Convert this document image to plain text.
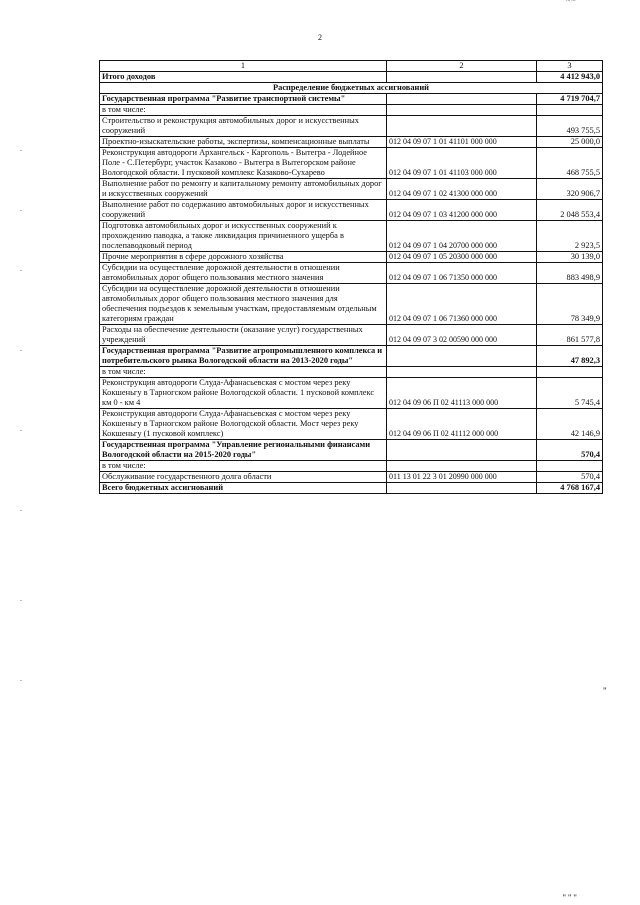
~~
2
1	2	3
Итого доходов		4 412 943,0
Распределение бюджетных ассигнований		
Государственная программа "Развитие транспортной системы"		4 719 704,7
в том числе:		
Строительство и реконструкция автомобильных дорог и искусственных сооружений		493 755,5
Проектно-изыскательские работы, экспертизы, компенсационные выплаты	012 04 09 07 1 01 41101 000 000	25 000,0
Реконструкция автодороги Архангельск - Каргополь - Вытегра - Лодейное Поле - С.Петербург, участок Казаково - Вытегра в Вытегорском районе Вологодской области. I пусковой комплекс Казаково-Сухарево	012 04 09 07 1 01 41103 000 000	468 755,5
Выполнение работ по ремонту и капитальному ремонту автомобильных дорог и искусственных сооружений	012 04 09 07 1 02 41300 000 000	320 906,7
Выполнение работ по содержанию автомобильных дорог и искусственных сооружений	012 04 09 07 1 03 41200 000 000	2 048 553,4
Подготовка автомобильных дорог и искусственных сооружений к прохождению паводка, а также ликвидация причиненного ущерба в послепаводковый период	012 04 09 07 1 04 20700 000 000	2 923,5
Прочие мероприятия в сфере дорожного хозяйства	012 04 09 07 1 05 20300 000 000	30 139,0
Субсидии на осуществление дорожной деятельности в отношении автомобильных дорог общего пользования местного значения	012 04 09 07 1 06 71350 000 000	883 498,9
Субсидии на осуществление дорожной деятельности в отношении автомобильных дорог общего пользования местного значения для обеспечения подъездов к земельным участкам, предоставляемым отдельным категориям граждан	012 04 09 07 1 06 71360 000 000	78 349,9
Расходы на обеспечение деятельности (оказание услуг) государственных учреждений	012 04 09 07 3 02 00590 000 000	861 577,8
Государственная программа "Развитие агропромышленного комплекса и потребительского рынка Вологодской области на 2013-2020 годы"		47 892,3
в том числе:		
Реконструкция автодороги Слуда-Афанасьевская с мостом через реку Кокшеньгу в Тарногском районе Вологодской области. 1 пусковой комплекс км 0 - км 4	012 04 09 06 П 02 41113 000 000	5 745,4
Реконструкция автодороги Слуда-Афанасьевская с мостом через реку Кокшеньгу в Тарногском районе Вологодской области. Мост через реку Кокшеньгу (1 пусковой комплекс)	012 04 09 06 П 02 41112 000 000	42 146,9
Государственная программа "Управление региональными финансами Вологодской области на 2015-2020 годы"		570,4
в том числе:		
Обслуживание государственного долга области	011 13 01 22 3 01 20990 000 000	570,4
Всего бюджетных ассигнований		4 768 167,4
"
"""
